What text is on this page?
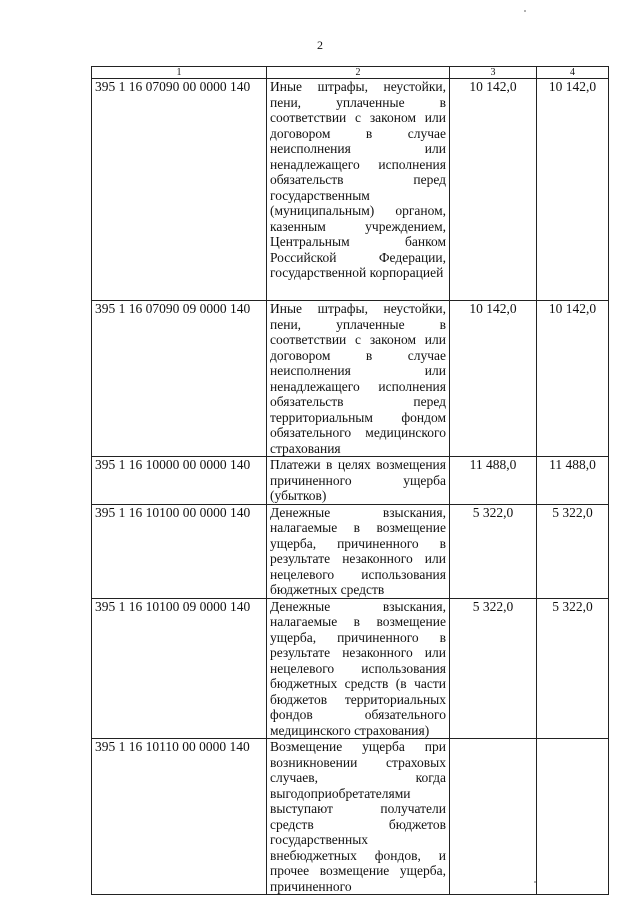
2
1	2	3	4
395 1 16 07090 00 0000 140	Иные штрафы, неустойки, пени, уплаченные в соответствии с законом или договором в случае неисполнения или ненадлежащего исполнения обязательств перед государственным (муниципальным) органом, казенным учреждением, Центральным банком Российской Федерации, государственной корпорацией	10 142,0	10 142,0
395 1 16 07090 09 0000 140	Иные штрафы, неустойки, пени, уплаченные в соответствии с законом или договором в случае неисполнения или ненадлежащего исполнения обязательств перед территориальным фондом обязательного медицинского страхования	10 142,0	10 142,0
395 1 16 10000 00 0000 140	Платежи в целях возмещения причиненного ущерба (убытков)	11 488,0	11 488,0
395 1 16 10100 00 0000 140	Денежные взыскания, налагаемые в возмещение ущерба, причиненного в результате незаконного или нецелевого использования бюджетных средств	5 322,0	5 322,0
395 1 16 10100 09 0000 140	Денежные взыскания, налагаемые в возмещение ущерба, причиненного в результате незаконного или нецелевого использования бюджетных средств (в части бюджетов территориальных фондов обязательного медицинского страхования)	5 322,0	5 322,0
395 1 16 10110 00 0000 140	Возмещение ущерба при возникновении страховых случаев, когда выгодоприобретателями выступают получатели средств бюджетов государственных внебюджетных фондов, и прочее возмещение ущерба, причиненного		
